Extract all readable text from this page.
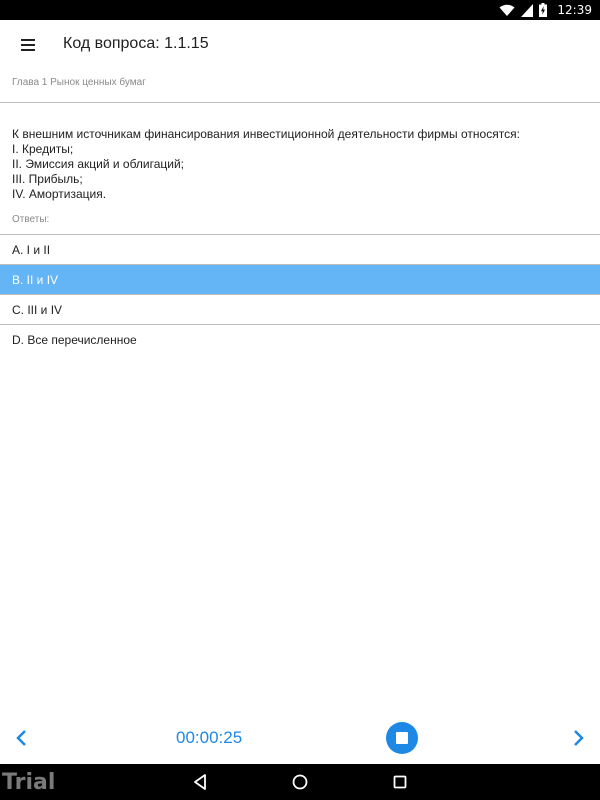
12:39
Код вопроса: 1.1.15
Глава 1 Рынок ценных бумаг
К внешним источникам финансирования инвестиционной деятельности фирмы относятся:
I. Кредиты;
II. Эмиссия акций и облигаций;
III. Прибыль;
IV. Амортизация.
Ответы:
A. I и II
B. II и IV
C. III и IV
D. Все перечисленное
00:00:25
Trial
